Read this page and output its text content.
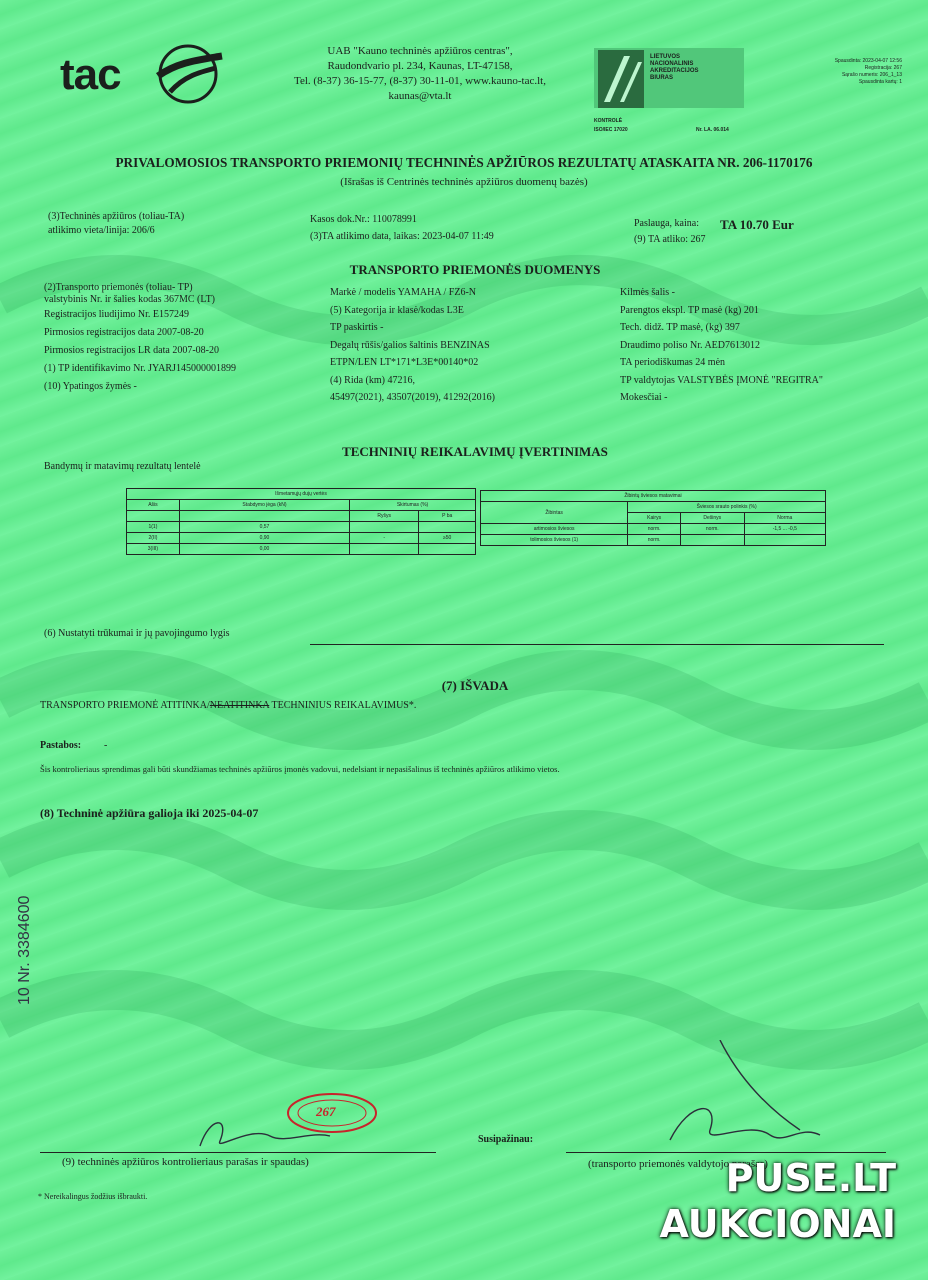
tac	UAB "Kauno techninės apžiūros centras",
Raudondvario pl. 234, Kaunas, LT-47158,
Tel. (8-37) 36-15-77, (8-37) 30-11-01, www.kauno-tac.lt,
kaunas@vta.lt
LIETUVOS
NACIONALINIS
AKREDITACIJOS
BIURAS
KONTROLĖ
ISO/IEC 17020	Nr. LA. 06.014
Spausdinta: 2023-04-07 12:56
Registracija: 267
Sąrašo numeris: 206_1_13
Spausdinta kartų: 1
PRIVALOMOSIOS TRANSPORTO PRIEMONIŲ TECHNINĖS APŽIŪROS REZULTATŲ ATASKAITA NR. 206-1170176
(Išrašas iš Centrinės techninės apžiūros duomenų bazės)
(3)Techninės apžiūros (toliau-TA)
atlikimo vieta/linija: 206/6
Kasos dok.Nr.: 110078991
(3)TA atlikimo data, laikas: 2023-04-07 11:49
Paslauga, kaina: TA 10.70 Eur
(9) TA atliko: 267
TRANSPORTO PRIEMONĖS DUOMENYS
(2)Transporto priemonės (toliau- TP)
valstybinis Nr. ir šalies kodas 367MC (LT)
Registracijos liudijimo Nr. E157249
Pirmosios registracijos data 2007-08-20
Pirmosios registracijos LR data 2007-08-20
(1) TP identifikavimo Nr. JYARJ145000001899
(10) Ypatingos žymės -
Markė / modelis YAMAHA / FZ6-N
(5) Kategorija ir klasė/kodas L3E
TP paskirtis -
Degalų rūšis/galios šaltinis BENZINAS
ETPN/LEN LT*171*L3E*00140*02
(4) Rida (km) 47216,
45497(2021), 43507(2019), 41292(2016)
Kilmės šalis -
Parengtos ekspl. TP masė (kg) 201
Tech. didž. TP masė, (kg) 397
Draudimo poliso Nr. AED7613012
TA periodiškumas 24 mėn
TP valdytojas VALSTYBĖS ĮMONĖ "REGITRA"
Mokesčiai -
TECHNINIŲ REIKALAVIMŲ ĮVERTINIMAS
Bandymų ir matavimų rezultatų lentelė
Išmetamųjų dujų vertės			
Ašis	Stabdymo jėga (kN)	Skirtumas (%)	
		Ryšys	P ba
1(1)	0,57		
2(II)	0,90	-	≥50
3(III)	0,00		
Žibintų šviesos matavimai			
Žibintas	Šviesos srauto polinkis (%)		
	Kairys	Dešinys	Norma
artimosios šviesos	norm.	norm.	-1,5 ... -0,5
tolimosios šviesos (1)	norm.		
(6) Nustatyti trūkumai ir jų pavojingumo lygis
(7) IŠVADA
TRANSPORTO PRIEMONĖ ATITINKA/NEATITINKA TECHNINIUS REIKALAVIMUS*.
Pastabos: -
Šis kontrolieriaus sprendimas gali būti skundžiamas techninės apžiūros įmonės vadovui, nedelsiant ir nepasišalinus iš techninės apžiūros atlikimo vietos.
(8) Techninė apžiūra galioja iki 2025-04-07
10 Nr. 3384600
267
(9) techninės apžiūros kontrolieriaus parašas ir spaudas)
Susipažinau:
(transporto priemonės valdytojo parašas)
* Nereikalingus žodžius išbraukti.	PUSE.LT
AUKCIONAI
